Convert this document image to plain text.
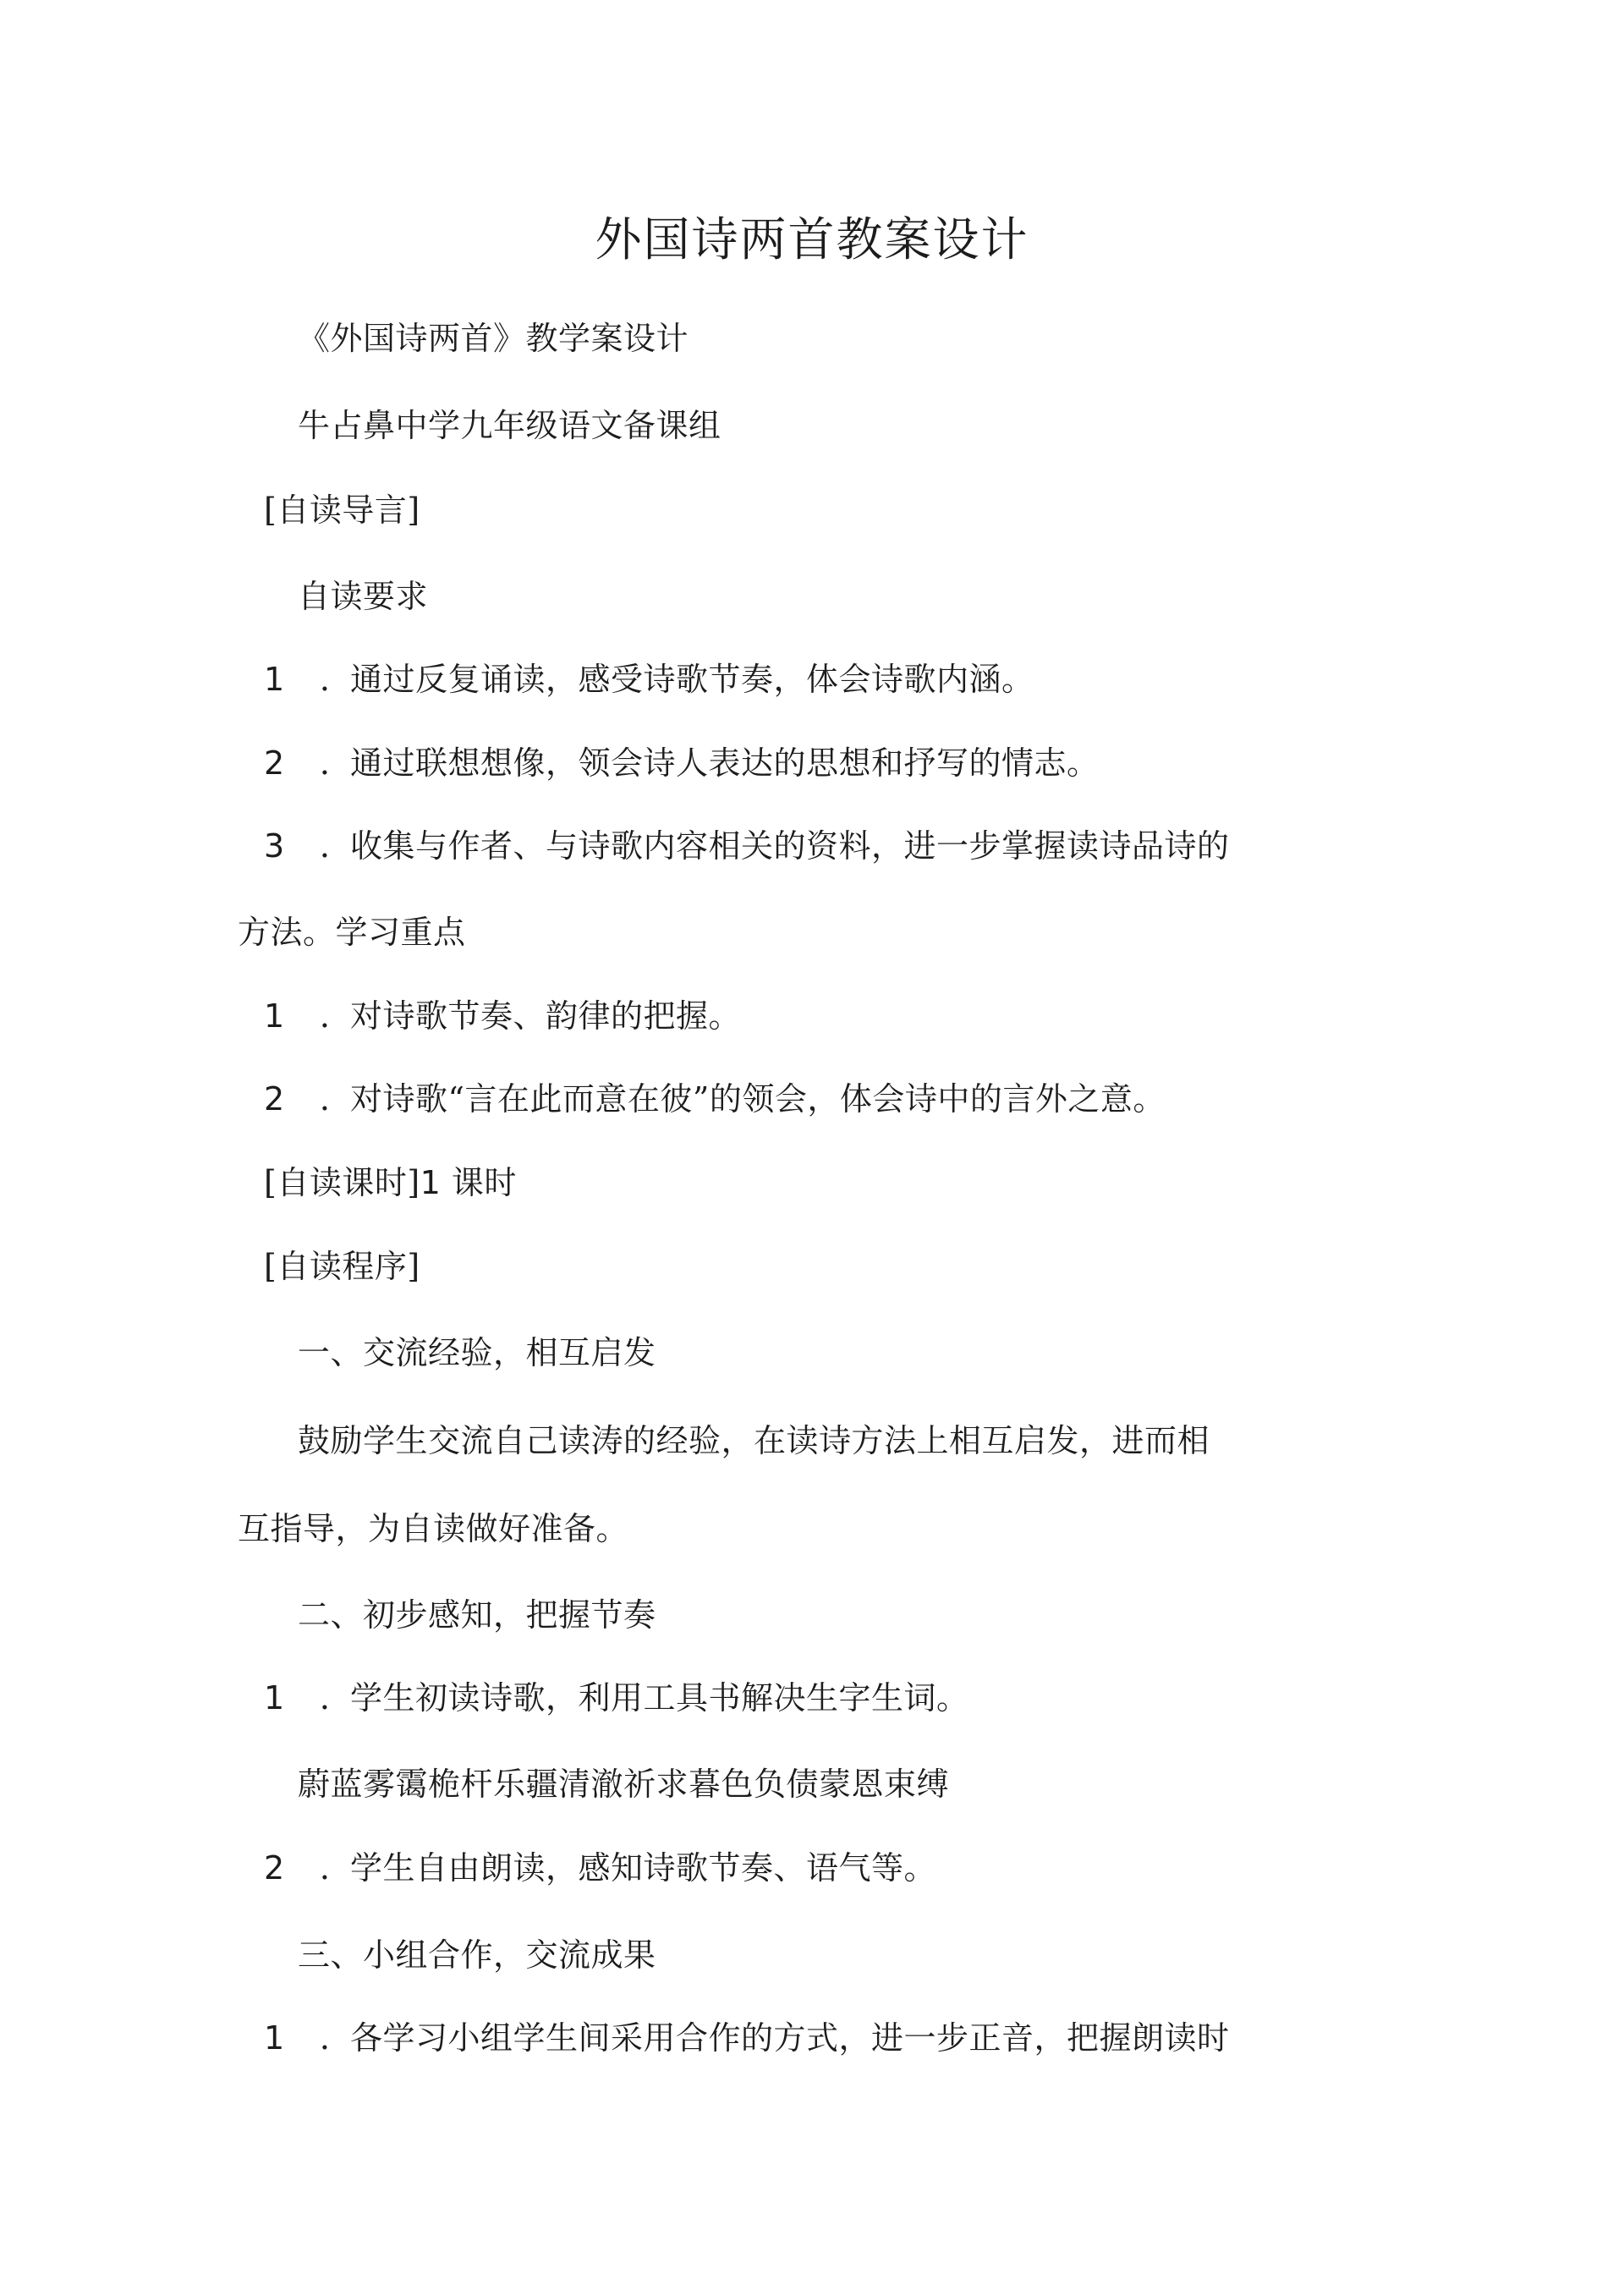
外国诗两首教案设计
《外国诗两首》教学案设计
牛占鼻中学九年级语文备课组
[自读导言]
自读要求
1 ．通过反复诵读，感受诗歌节奏，体会诗歌内涵。
2 ．通过联想想像，领会诗人表达的思想和抒写的情志。
3 ．收集与作者、与诗歌内容相关的资料，进一步掌握读诗品诗的
方法。学习重点
1 ．对诗歌节奏、韵律的把握。
2 ．对诗歌“言在此而意在彼”的领会，体会诗中的言外之意。
[自读课时]1 课时
[自读程序]
一、交流经验，相互启发
鼓励学生交流自己读涛的经验，在读诗方法上相互启发，进而相
互指导，为自读做好准备。
二、初步感知，把握节奏
1 ．学生初读诗歌，利用工具书解决生字生词。
蔚蓝雾霭桅杆乐疆清澈祈求暮色负债蒙恩束缚
2 ．学生自由朗读，感知诗歌节奏、语气等。
三、小组合作，交流成果
1 ．各学习小组学生间采用合作的方式，进一步正音，把握朗读时
